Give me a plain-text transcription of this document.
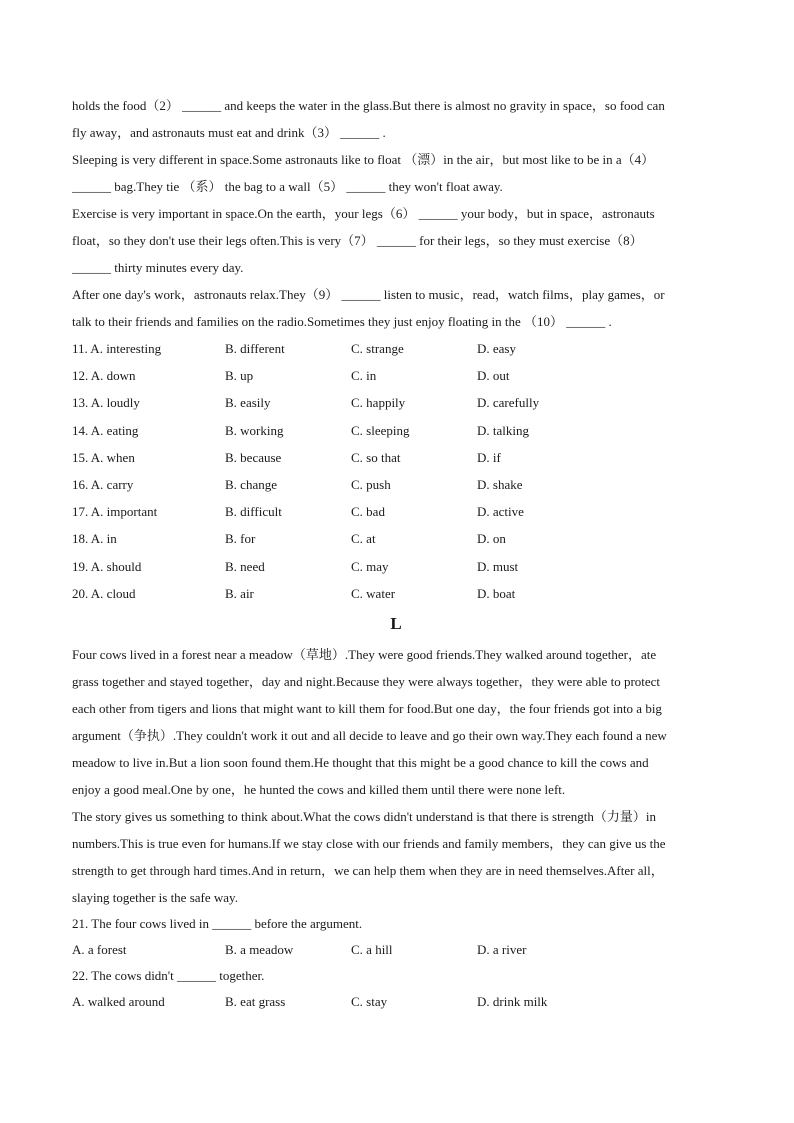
holds the food（2） ______ and keeps the water in the glass.But there is almost no gravity in space，so food can

fly away，and astronauts must eat and drink（3） ______ .

Sleeping is very different in space.Some astronauts like to float （漂）in the air，but most like to be in a（4）

______ bag.They tie （系） the bag to a wall（5） ______ they won't float away.

Exercise is very important in space.On the earth，your legs（6） ______ your body，but in space，astronauts

float，so they don't use their legs often.This is very（7） ______ for their legs，so they must exercise（8）

______ thirty minutes every day.

After one day's work，astronauts relax.They（9） ______ listen to music，read，watch films，play games，or

talk to their friends and families on the radio.Sometimes they just enjoy floating in the （10） ______ .

11. A. interesting	B. different	C. strange	D. easy
12. A. down	B. up	C. in	D. out
13. A. loudly	B. easily	C. happily	D. carefully
14. A. eating	B. working	C. sleeping	D. talking
15. A. when	B. because	C. so that	D. if
16. A. carry	B. change	C. push	D. shake
17. A. important	B. difficult	C. bad	D. active
18. A. in	B. for	C. at	D. on
19. A. should	B. need	C. may	D. must
20. A. cloud	B. air	C. water	D. boat

L

Four cows lived in a forest near a meadow（草地）.They were good friends.They walked around together，ate

grass together and stayed together，day and night.Because they were always together，they were able to protect

each other from tigers and lions that might want to kill them for food.But one day，the four friends got into a big

argument（争执）.They couldn't work it out and all decide to leave and go their own way.They each found a new

meadow to live in.But a lion soon found them.He thought that this might be a good chance to kill the cows and

enjoy a good meal.One by one，he hunted the cows and killed them until there were none left.

The story gives us something to think about.What the cows didn't understand is that there is strength（力量）in

numbers.This is true even for humans.If we stay close with our friends and family members，they can give us the

strength to get through hard times.And in return，we can help them when they are in need themselves.After all，

slaying together is the safe way.

21. The four cows lived in ______ before the argument.

A. a forest	B. a meadow	C. a hill	D. a river

22. The cows didn't ______ together.

A. walked around	B. eat grass	C. stay	D. drink milk
